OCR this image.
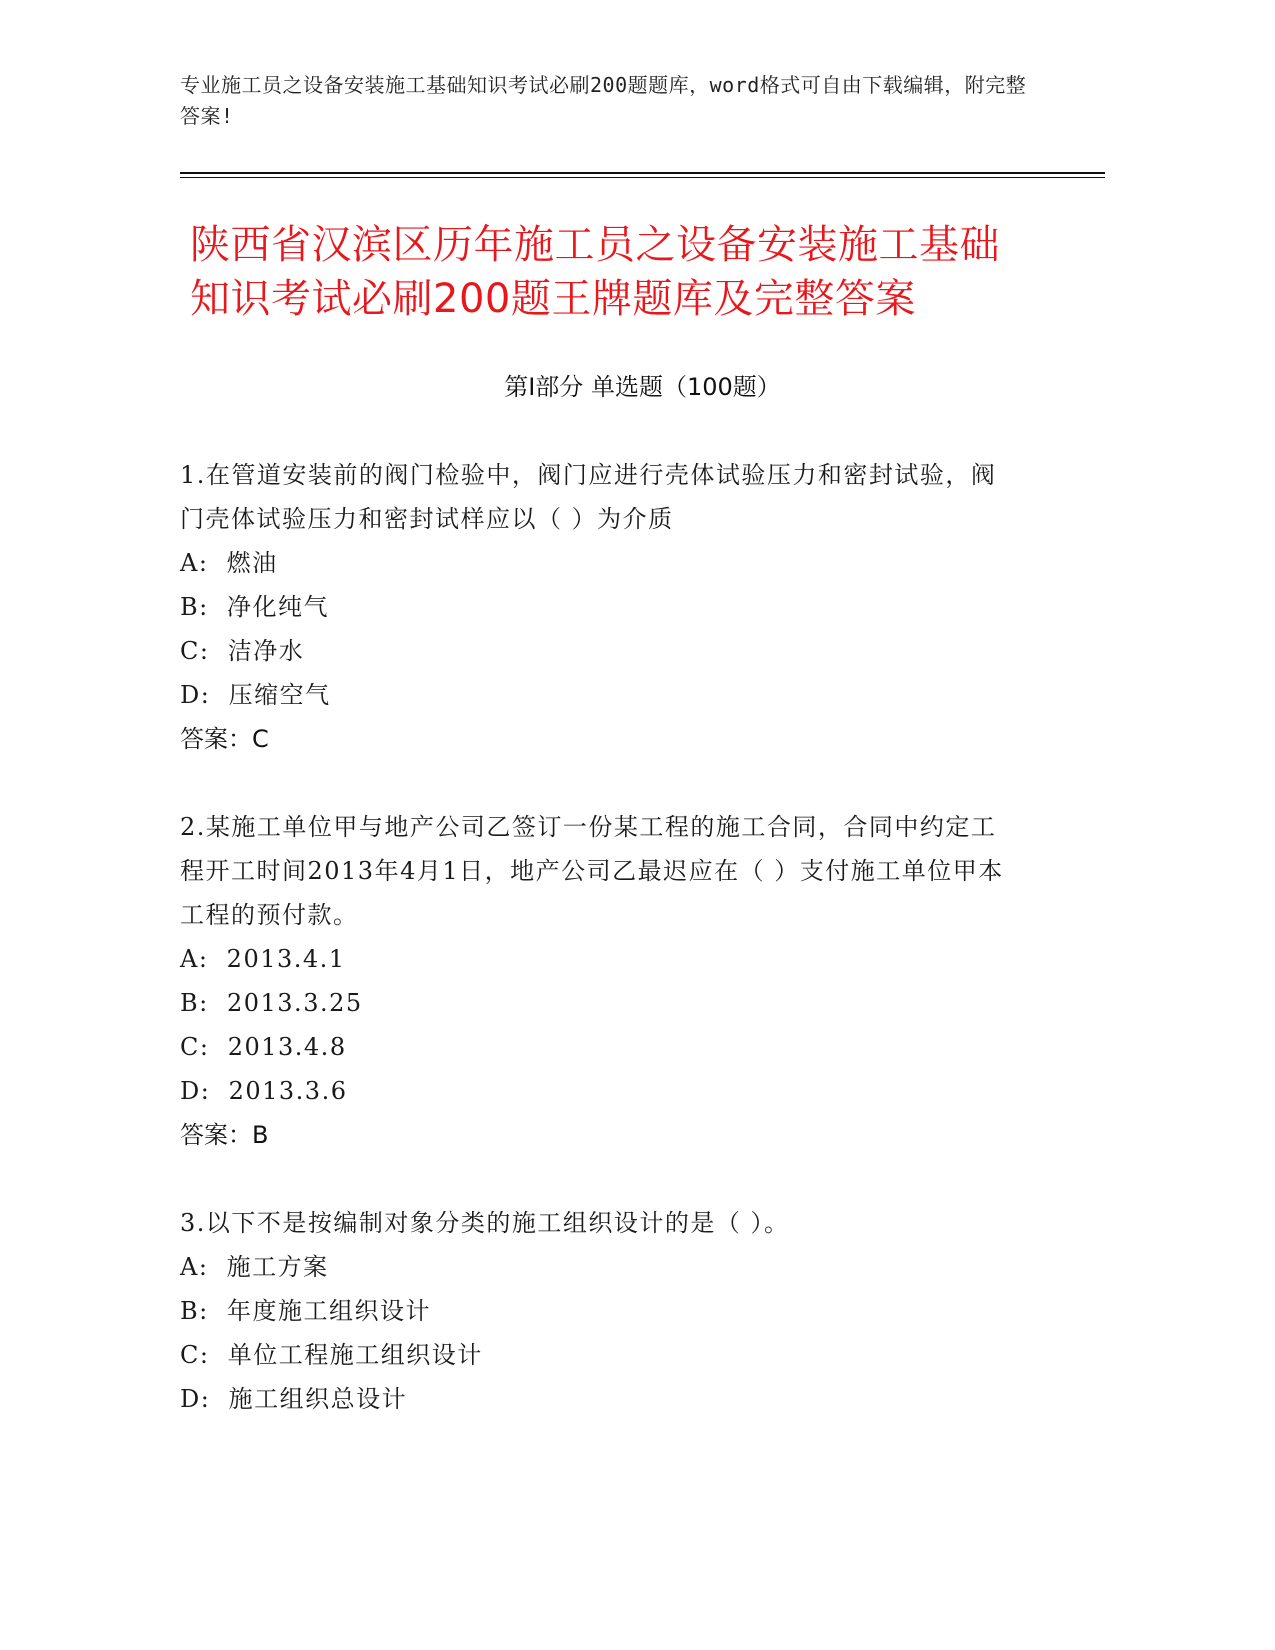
专业施工员之设备安装施工基础知识考试必刷200题题库，word格式可自由下载编辑，附完整答案!
陕西省汉滨区历年施工员之设备安装施工基础知识考试必刷200题王牌题库及完整答案
第I部分 单选题（100题）
1.在管道安装前的阀门检验中，阀门应进行壳体试验压力和密封试验，阀门壳体试验压力和密封试样应以（ ）为介质
A:  燃油
B:  净化纯气
C:  洁净水
D:  压缩空气
答案：C
2.某施工单位甲与地产公司乙签订一份某工程的施工合同，合同中约定工程开工时间2013年4月1日，地产公司乙最迟应在（ ）支付施工单位甲本工程的预付款。
A:  2013.4.1
B:  2013.3.25
C:  2013.4.8
D:  2013.3.6
答案：B
3.以下不是按编制对象分类的施工组织设计的是（ ）。
A:  施工方案
B:  年度施工组织设计
C:  单位工程施工组织设计
D:  施工组织总设计
